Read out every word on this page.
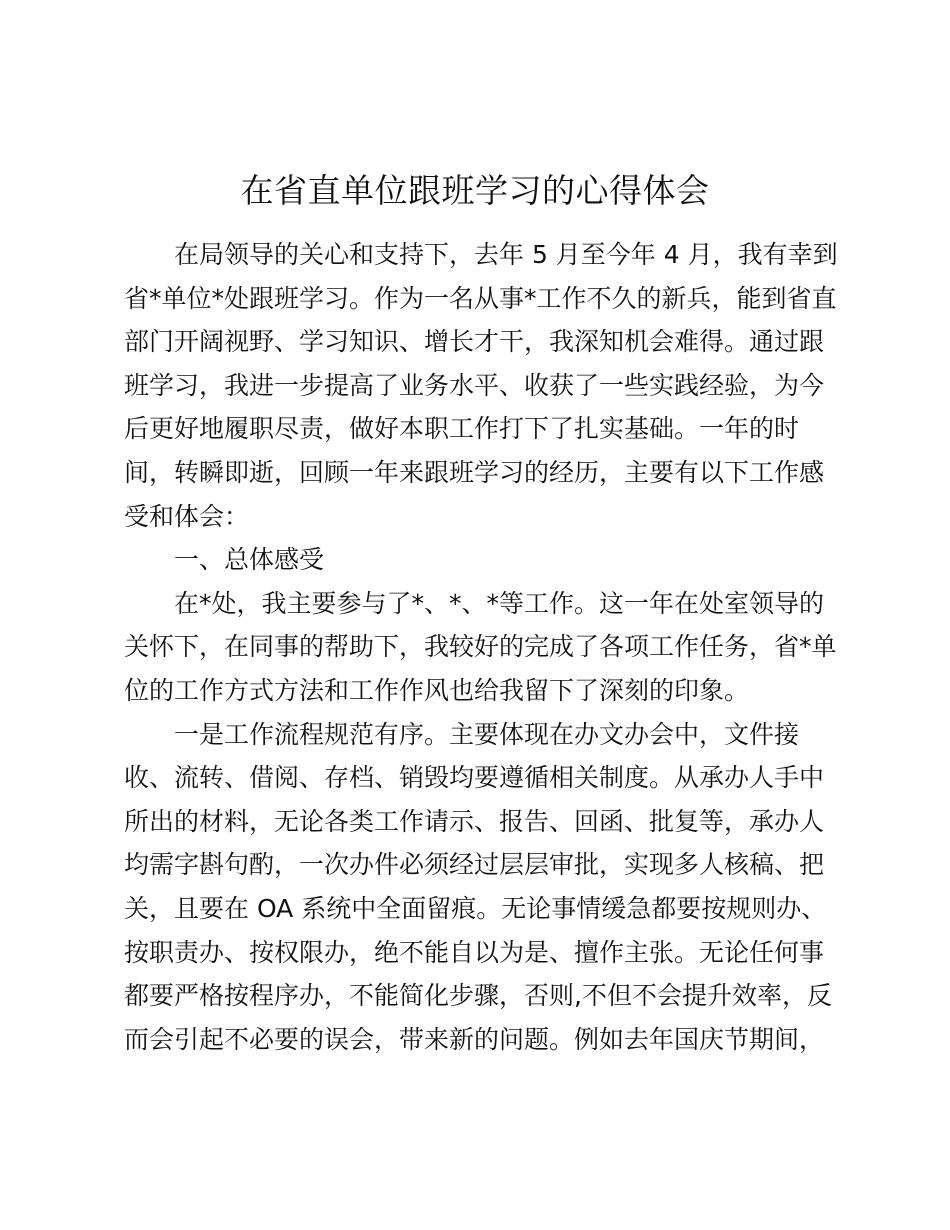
在省直单位跟班学习的心得体会
在局领导的关心和支持下，去年 5 月至今年 4 月，我有幸到
省*单位*处跟班学习。作为一名从事*工作不久的新兵，能到省直
部门开阔视野、学习知识、增长才干，我深知机会难得。通过跟
班学习，我进一步提高了业务水平、收获了一些实践经验，为今
后更好地履职尽责，做好本职工作打下了扎实基础。一年的时
间，转瞬即逝，回顾一年来跟班学习的经历，主要有以下工作感
受和体会：
一、总体感受
在*处，我主要参与了*、*、*等工作。这一年在处室领导的
关怀下，在同事的帮助下，我较好的完成了各项工作任务，省*单
位的工作方式方法和工作作风也给我留下了深刻的印象。
一是工作流程规范有序。主要体现在办文办会中，文件接
收、流转、借阅、存档、销毁均要遵循相关制度。从承办人手中
所出的材料，无论各类工作请示、报告、回函、批复等，承办人
均需字斟句酌，一次办件必须经过层层审批，实现多人核稿、把
关，且要在 OA 系统中全面留痕。无论事情缓急都要按规则办、
按职责办、按权限办，绝不能自以为是、擅作主张。无论任何事
都要严格按程序办，不能简化步骤，否则,不但不会提升效率，反
而会引起不必要的误会，带来新的问题。例如去年国庆节期间，
